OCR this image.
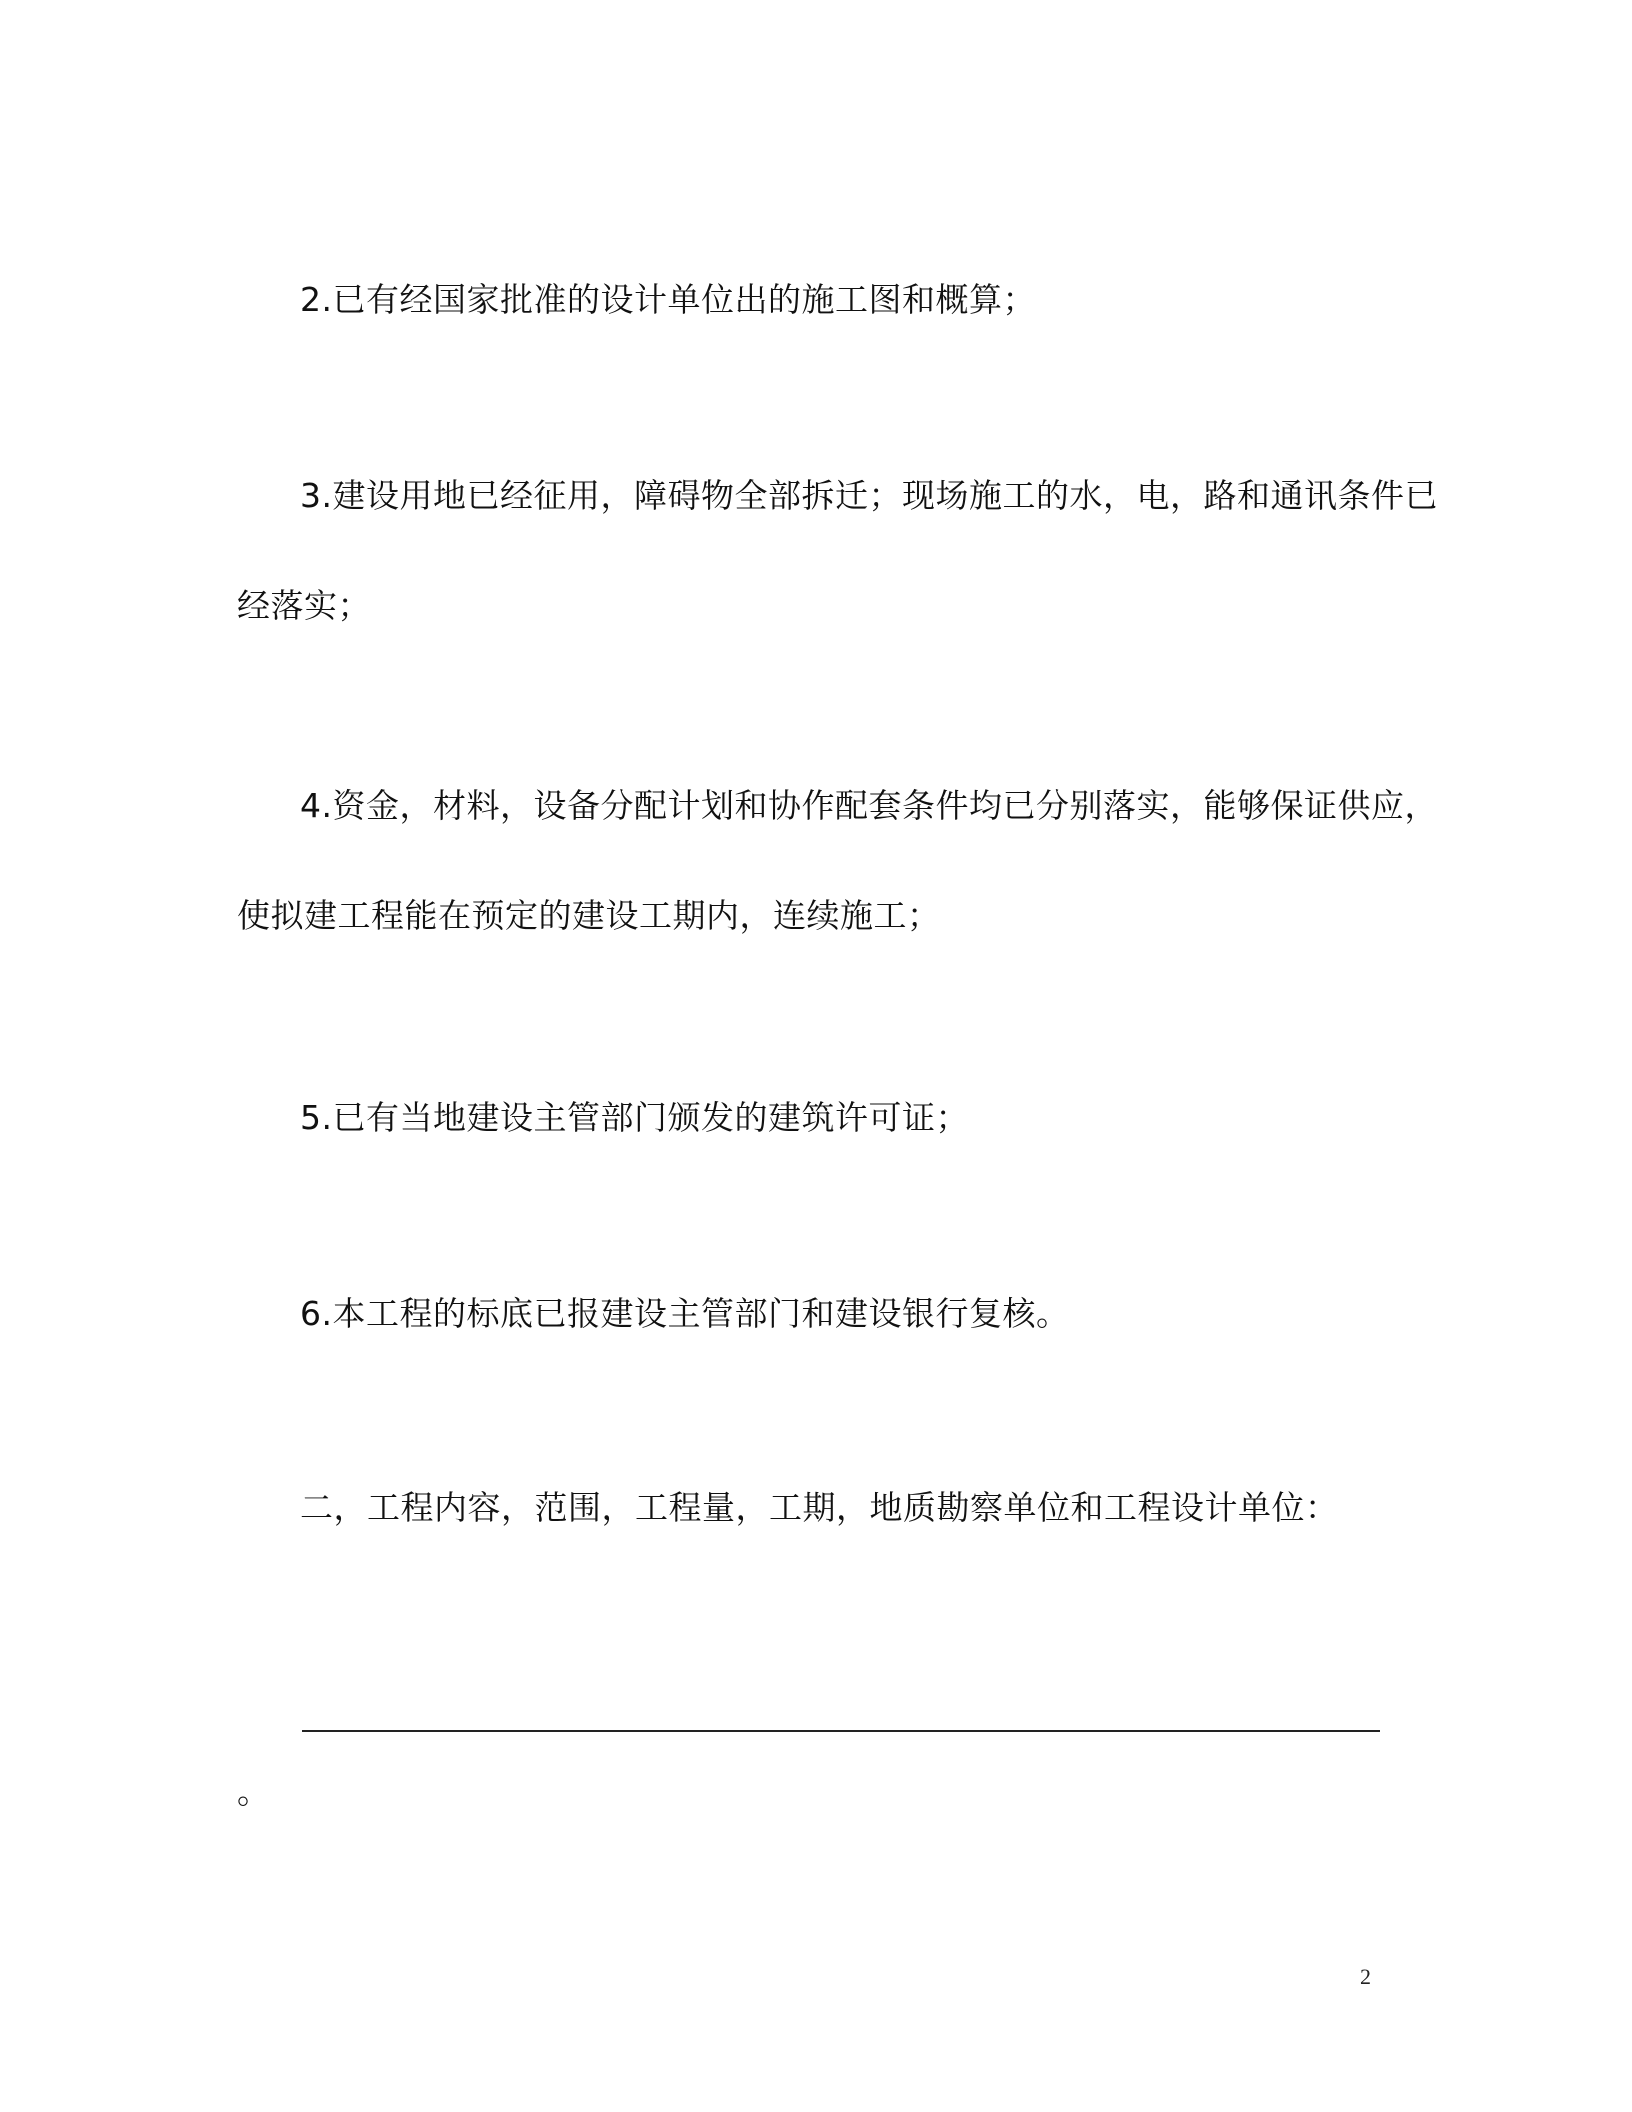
2.已有经国家批准的设计单位出的施工图和概算；
3.建设用地已经征用，障碍物全部拆迁；现场施工的水，电，路和通讯条件已
经落实；
4.资金，材料，设备分配计划和协作配套条件均已分别落实，能够保证供应，
使拟建工程能在预定的建设工期内，连续施工；
5.已有当地建设主管部门颁发的建筑许可证；
6.本工程的标底已报建设主管部门和建设银行复核。
二，工程内容，范围，工程量，工期，地质勘察单位和工程设计单位：
。
2
